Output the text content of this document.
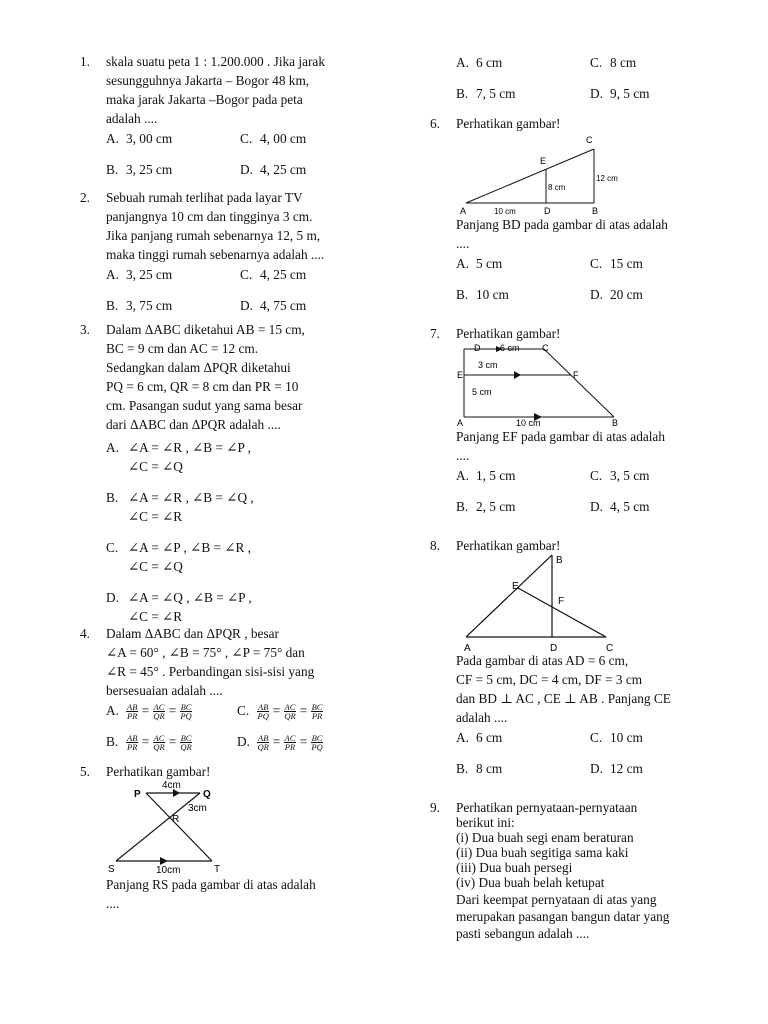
1. skala suatu peta 1 : 1.200.000 . Jika jarak
sesungguhnya Jakarta – Bogor 48 km,
maka jarak Jakarta –Bogor pada peta
adalah ....
A. 3, 00 cm	C. 4, 00 cm
B. 3, 25 cm	D. 4, 25 cm
2. Sebuah rumah terlihat pada layar TV
panjangnya 10 cm dan tingginya 3 cm.
Jika panjang rumah sebenarnya 12, 5 m,
maka tinggi rumah sebenarnya adalah ....
A. 3, 25 cm	C. 4, 25 cm
B. 3, 75 cm	D. 4, 75 cm
3. Dalam ΔABC diketahui AB = 15 cm,
BC = 9 cm dan AC = 12 cm.
Sedangkan dalam ΔPQR diketahui
PQ = 6 cm, QR = 8 cm dan PR = 10
cm. Pasangan sudut yang sama besar
dari ΔABC dan ΔPQR adalah ....
A. ∠A = ∠R , ∠B = ∠P ,
∠C = ∠Q
B. ∠A = ∠R , ∠B = ∠Q ,
∠C = ∠R
C. ∠A = ∠P , ∠B = ∠R ,
∠C = ∠Q
D. ∠A = ∠Q , ∠B = ∠P ,
∠C = ∠R
4. Dalam ΔABC dan ΔPQR , besar
∠A = 60° , ∠B = 75° , ∠P = 75° dan
∠R = 45° . Perbandingan sisi-sisi yang
bersesuaian adalah ....
A. $\frac{AB}{PR} = \frac{AC}{QR} = \frac{BC}{PQ}$	C. $\frac{AB}{PQ} = \frac{AC}{QR} = \frac{BC}{PR}$
B. $\frac{AB}{PR} = \frac{AC}{QR} = \frac{BC}{QR}$	D. $\frac{AB}{QR} = \frac{AC}{PR} = \frac{BC}{PQ}$
5. Perhatikan gambar!
P	Q
R
S	T
4cm
3cm
10cm
Panjang RS pada gambar di atas adalah
....
A. 6 cm	C. 8 cm
B. 7, 5 cm	D. 9, 5 cm
6. Perhatikan gambar!
A	D	B
C
E
8 cm
12 cm
10 cm
Panjang BD pada gambar di atas adalah
....
A. 5 cm	C. 15 cm
B. 10 cm	D. 20 cm
7. Perhatikan gambar!
D	C
E	F
A	B
6 cm
3 cm
5 cm
10 cm
Panjang EF pada gambar di atas adalah
....
A. 1, 5 cm	C. 3, 5 cm
B. 2, 5 cm	D. 4, 5 cm
8. Perhatikan gambar!
A	D	C
B
E
F
Pada gambar di atas AD = 6 cm,
CF = 5 cm, DC = 4 cm, DF = 3 cm
dan BD ⊥ AC , CE ⊥ AB . Panjang CE
adalah ....
A. 6 cm	C. 10 cm
B. 8 cm	D. 12 cm
9. Perhatikan pernyataan-pernyataan
berikut ini:
(i) Dua buah segi enam beraturan
(ii) Dua buah segitiga sama kaki
(iii) Dua buah persegi
(iv) Dua buah belah ketupat
Dari keempat pernyataan di atas yang
merupakan pasangan bangun datar yang
pasti sebangun adalah ....
